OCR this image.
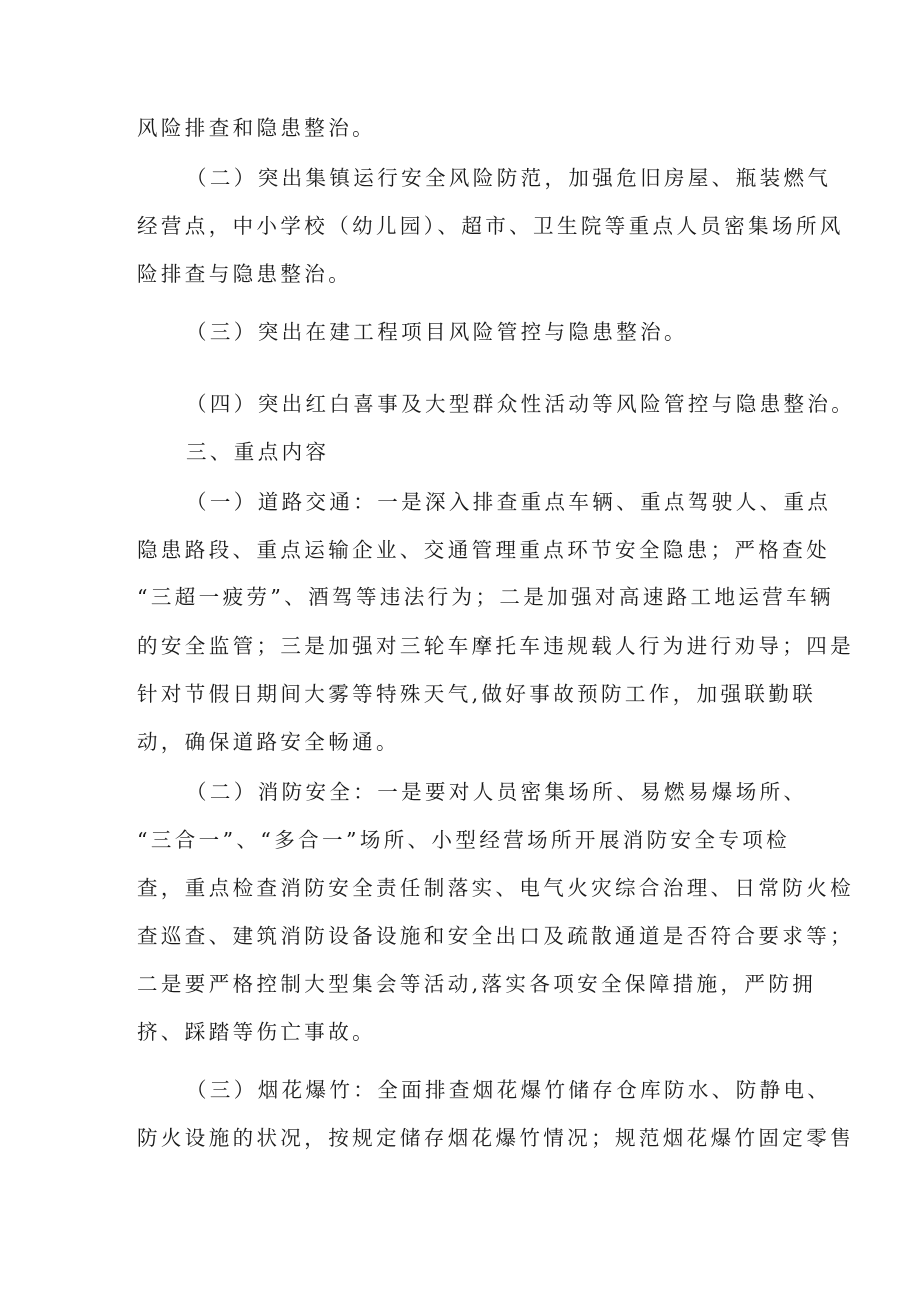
风险排查和隐患整治。
（二）突出集镇运行安全风险防范，加强危旧房屋、瓶装燃气
经营点，中小学校（幼儿园）、超市、卫生院等重点人员密集场所风
险排查与隐患整治。
（三）突出在建工程项目风险管控与隐患整治。
（四）突出红白喜事及大型群众性活动等风险管控与隐患整治。
三、重点内容
（一）道路交通：一是深入排查重点车辆、重点驾驶人、重点
隐患路段、重点运输企业、交通管理重点环节安全隐患；严格查处
“三超一疲劳”、酒驾等违法行为；二是加强对高速路工地运营车辆
的安全监管；三是加强对三轮车摩托车违规载人行为进行劝导；四是
针对节假日期间大雾等特殊天气,做好事故预防工作，加强联勤联
动，确保道路安全畅通。
（二）消防安全：一是要对人员密集场所、易燃易爆场所、
“三合一”、“多合一”场所、小型经营场所开展消防安全专项检
查，重点检查消防安全责任制落实、电气火灾综合治理、日常防火检
查巡查、建筑消防设备设施和安全出口及疏散通道是否符合要求等；
二是要严格控制大型集会等活动,落实各项安全保障措施，严防拥
挤、踩踏等伤亡事故。
（三）烟花爆竹：全面排查烟花爆竹储存仓库防水、防静电、
防火设施的状况，按规定储存烟花爆竹情况；规范烟花爆竹固定零售
